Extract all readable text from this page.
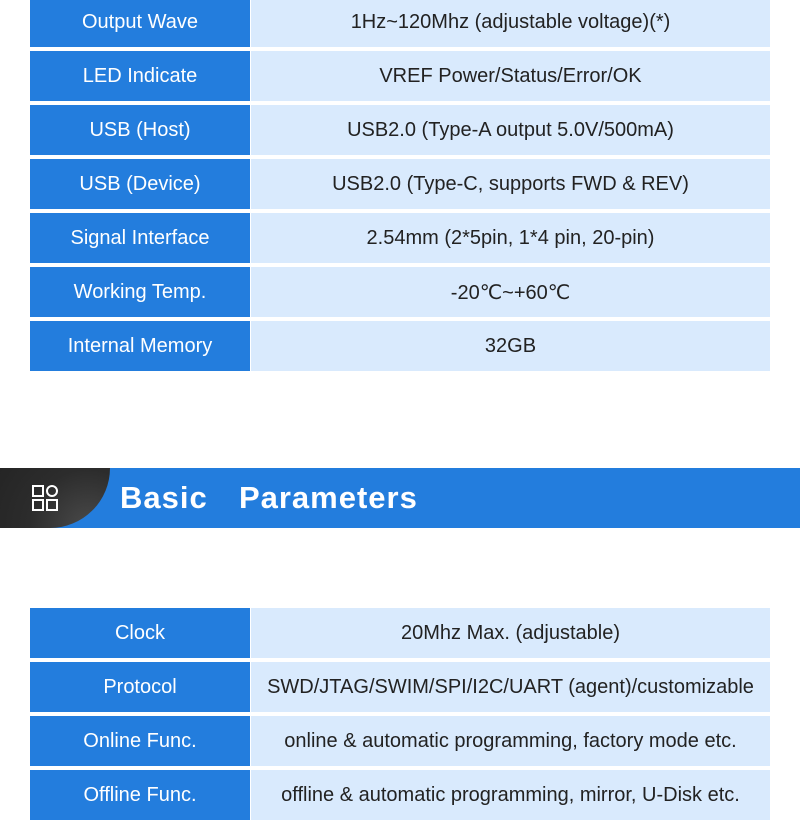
Output Wave	1Hz~120Mhz (adjustable voltage)(*)
LED Indicate	VREF Power/Status/Error/OK
USB (Host)	USB2.0 (Type-A output 5.0V/500mA)
USB (Device)	USB2.0 (Type-C, supports FWD & REV)
Signal Interface	2.54mm (2*5pin, 1*4 pin, 20-pin)
Working Temp.	-20℃~+60℃
Internal Memory	32GB
Basic  Parameters
Clock	20Mhz Max. (adjustable)
Protocol	SWD/JTAG/SWIM/SPI/I2C/UART (agent)/customizable
Online Func.	online & automatic programming, factory mode etc.
Offline Func.	offline & automatic programming, mirror, U-Disk etc.
